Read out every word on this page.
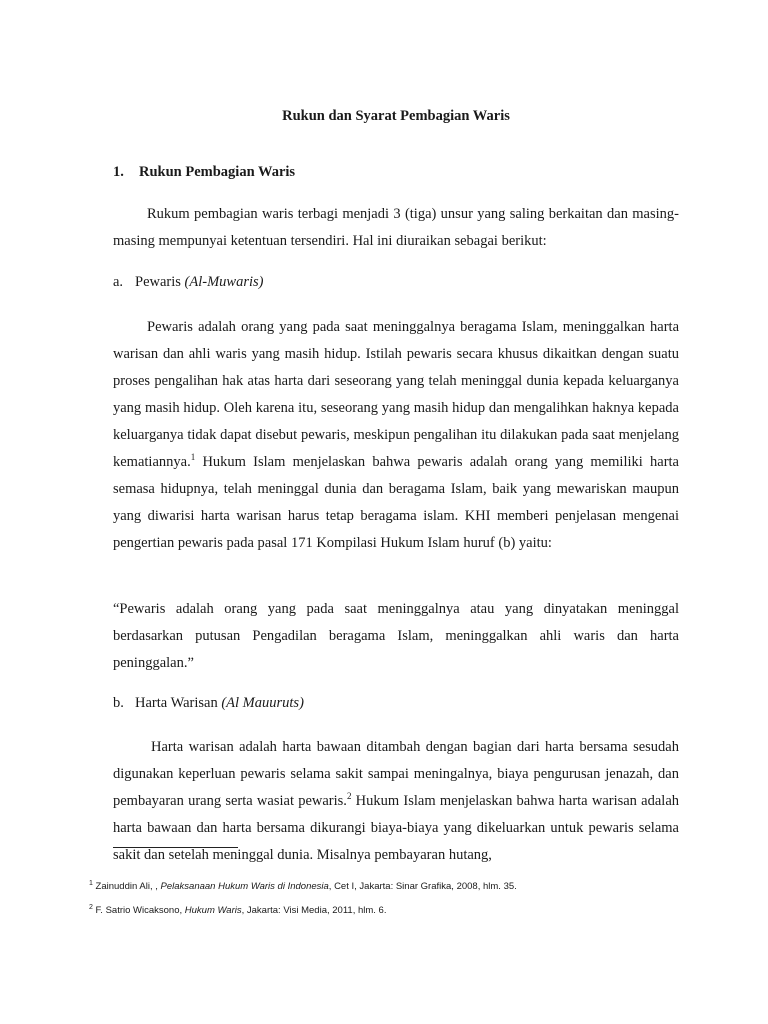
Rukun dan Syarat Pembagian Waris
1. Rukun Pembagian Waris

Rukum pembagian waris terbagi menjadi 3 (tiga) unsur yang saling berkaitan dan masing-masing mempunyai ketentuan tersendiri. Hal ini diuraikan sebagai berikut:

a. Pewaris (Al-Muwaris)

Pewaris adalah orang yang pada saat meninggalnya beragama Islam, meninggalkan harta warisan dan ahli waris yang masih hidup. Istilah pewaris secara khusus dikaitkan dengan suatu proses pengalihan hak atas harta dari seseorang yang telah meninggal dunia kepada keluarganya yang masih hidup. Oleh karena itu, seseorang yang masih hidup dan mengalihkan haknya kepada keluarganya tidak dapat disebut pewaris, meskipun pengalihan itu dilakukan pada saat menjelang kematiannya.$^1$ Hukum Islam menjelaskan bahwa pewaris adalah orang yang memiliki harta semasa hidupnya, telah meninggal dunia dan beragama Islam, baik yang mewariskan maupun yang diwarisi harta warisan harus tetap beragama islam. KHI memberi penjelasan mengenai pengertian pewaris pada pasal 171 Kompilasi Hukum Islam huruf (b) yaitu:

“Pewaris adalah orang yang pada saat meninggalnya atau yang dinyatakan meninggal berdasarkan putusan Pengadilan beragama Islam, meninggalkan ahli waris dan harta peninggalan.”

b. Harta Warisan (Al Mauuruts)

Harta warisan adalah harta bawaan ditambah dengan bagian dari harta bersama sesudah digunakan keperluan pewaris selama sakit sampai meningalnya, biaya pengurusan jenazah, dan pembayaran urang serta wasiat pewaris.$^2$ Hukum Islam menjelaskan bahwa harta warisan adalah harta bawaan dan harta bersama dikurangi biaya-biaya yang dikeluarkan untuk pewaris selama sakit dan setelah meninggal dunia. Misalnya pembayaran hutang,

$^1$ Zainuddin Ali, , Pelaksanaan Hukum Waris di Indonesia, Cet I, Jakarta: Sinar Grafika, 2008, hlm. 35.
$^2$ F. Satrio Wicaksono, Hukum Waris, Jakarta: Visi Media, 2011, hlm. 6.
